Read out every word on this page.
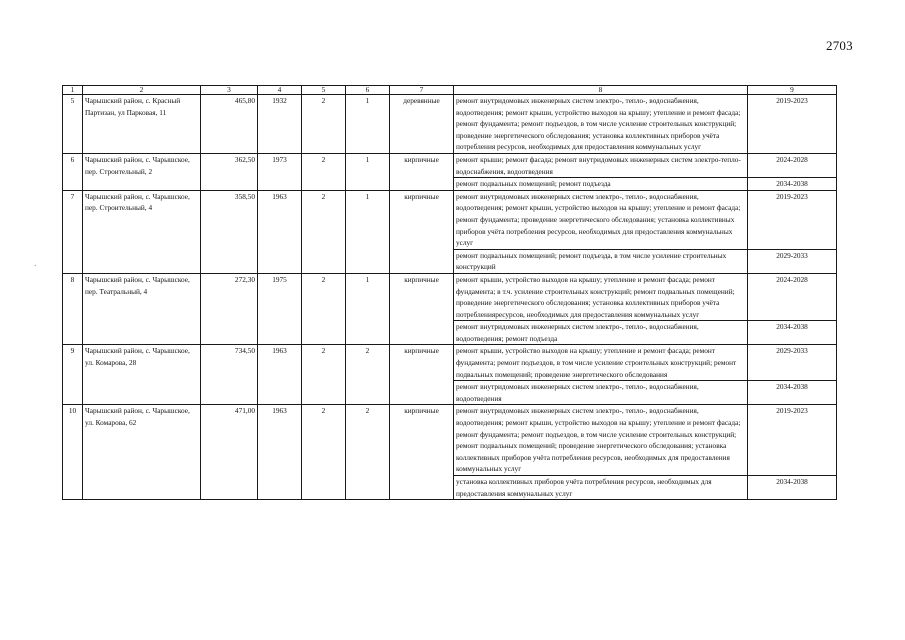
2703
.
1	2	3	4	5	6	7	8	9
5	Чарышский район, с. Красный Партизан, ул Парковая, 11	465,80	1932	2	1	деревянные	ремонт внутридомовых инженерных систем электро-, тепло-, водоснабжения, водоотведения; ремонт крыши, устройство выходов на крышу; утепление и ремонт фасада; ремонт фундамента; ремонт подъездов, в том числе усиление строительных конструкций; проведение энергетического обследования; установка коллективных приборов учёта потребления ресурсов, необходимых для предоставления коммунальных услуг	2019-2023
6	Чарышский район, с. Чарышское, пер. Строительный, 2	362,50	1973	2	1	кирпичные	ремонт крыши; ремонт фасада; ремонт внутридомовых инженерных систем электро-тепло-водоснабжения, водоотведения	2024-2028
							ремонт подвальных помещений; ремонт подъезда	2034-2038
7	Чарышский район, с. Чарышское, пер. Строительный, 4	358,50	1963	2	1	кирпичные	ремонт внутридомовых инженерных систем электро-, тепло-, водоснабжения, водоотведения; ремонт крыши, устройство выходов на крышу; утепление и ремонт фасада; ремонт фундамента; проведение энергетического обследования; установка коллективных приборов учёта потребления ресурсов, необходимых для предоставления коммунальных услуг	2019-2023
							ремонт подвальных помещений; ремонт подъезда, в том числе усиление строительных конструкций	2029-2033
8	Чарышский район, с. Чарышское, пер. Театральный, 4	272,30	1975	2	1	кирпичные	ремонт крыши, устройство выходов на крышу; утепление и ремонт фасада; ремонт фундамента; в т.ч. усиление строительных конструкций; ремонт подвальных помещений; проведение энергетического обследования; установка коллективных приборов учёта потребленияресурсов, необходимых для предоставления коммунальных услуг	2024-2028
							ремонт внутридомовых инженерных систем электро-, тепло-, водоснабжения, водоотведения; ремонт подъезда	2034-2038
9	Чарышский район, с. Чарышское, ул. Комарова, 28	734,50	1963	2	2	кирпичные	ремонт крыши, устройство выходов на крышу; утепление и ремонт фасада; ремонт фундамента; ремонт подъездов, в том числе усиление строительных конструкций; ремонт подвальных помещений; проведение энергетического обследования	2029-2033
							ремонт внутридомовых инженерных систем электро-, тепло-, водоснабжения, водоотведения	2034-2038
10	Чарышский район, с. Чарышское, ул. Комарова, 62	471,00	1963	2	2	кирпичные	ремонт внутридомовых инженерных систем электро-, тепло-, водоснабжения, водоотведения; ремонт крыши, устройство выходов на крышу; утепление и ремонт фасада; ремонт фундамента; ремонт подъездов, в том числе усиление строительных конструкций; ремонт подвальных помещений; проведение энергетического обследования; установка коллективных приборов учёта потребления ресурсов, необходимых для предоставления коммунальных услуг	2019-2023
							установка коллективных приборов учёта потребления ресурсов, необходимых для предоставления коммунальных услуг	2034-2038
